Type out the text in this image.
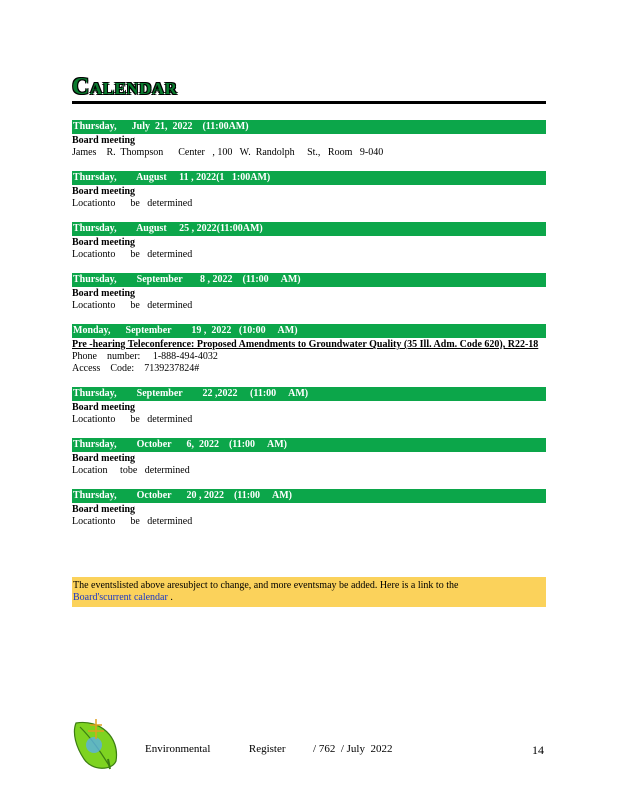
Calendar
Thursday,      July  21,  2022    (11:00AM)
Board meeting
James    R.  Thompson      Center   , 100   W.  Randolph     St.,   Room   9-040
Thursday,        August     11 , 2022(1   1:00AM)
Board meeting
Locationto      be   determined
Thursday,        August     25 , 2022(11:00AM)
Board meeting
Locationto      be   determined
Thursday,        September       8 , 2022    (11:00     AM)
Board meeting
Locationto      be   determined
Monday,      September        19 ,  2022   (10:00     AM)
Pre -hearing Teleconference: Proposed Amendments to Groundwater Quality (35 Ill. Adm. Code 620), R22-18
Phone    number:     1-888-494-4032
Access    Code:    7139237824#
Thursday,        September        22 ,2022     (11:00     AM)
Board meeting
Locationto      be   determined
Thursday,        October      6,  2022    (11:00     AM)
Board meeting
Location     tobe   determined
Thursday,        October      20 , 2022    (11:00     AM)
Board meeting
Locationto      be   determined
The eventslisted above aresubject to change, and more eventsmay be added. Here is a link to the
Board'scurrent calendar .
Environmental              Register          / 762  / July  2022	14
